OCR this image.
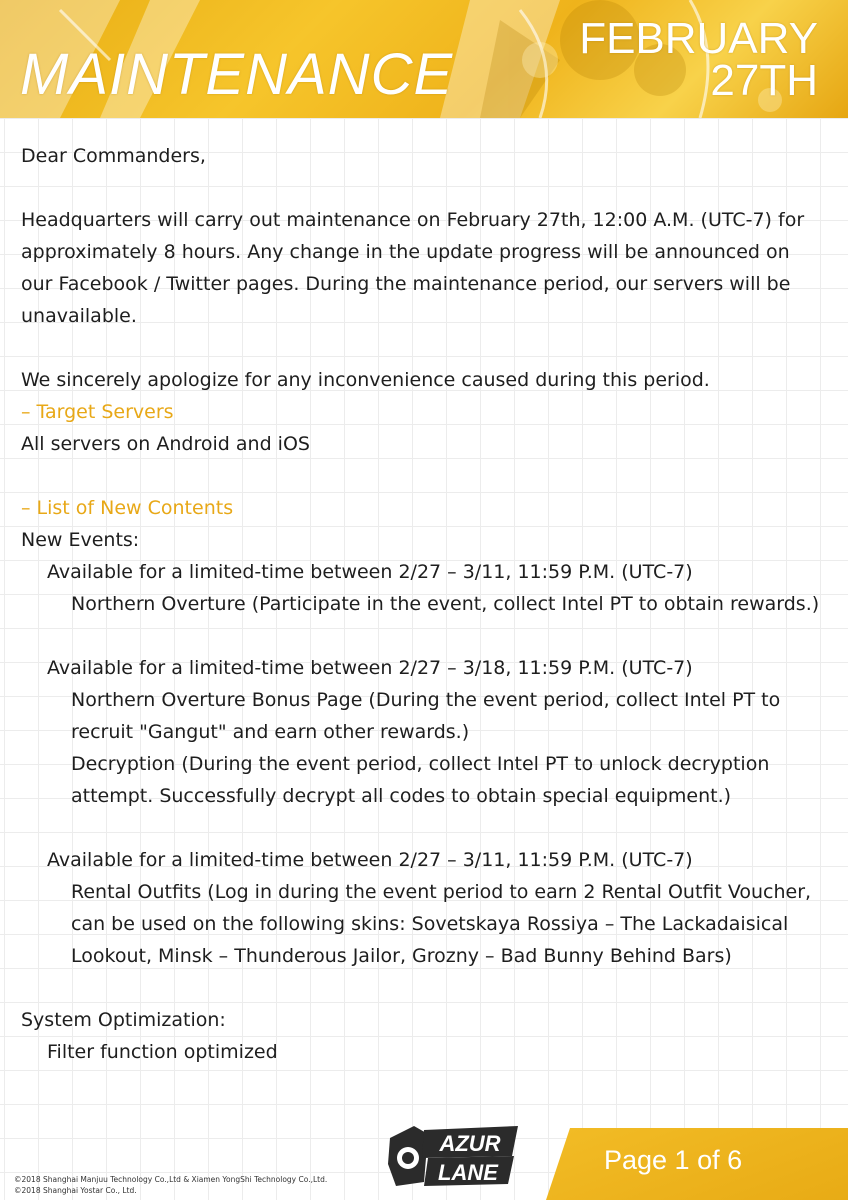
MAINTENANCE
FEBRUARY
27TH

Dear Commanders,

Headquarters will carry out maintenance on February 27th, 12:00 A.M. (UTC-7) for approximately 8 hours. Any change in the update progress will be announced on our Facebook / Twitter pages. During the maintenance period, our servers will be unavailable.

We sincerely apologize for any inconvenience caused during this period.

– Target Servers

All servers on Android and iOS

– List of New Contents

New Events:

Available for a limited-time between 2/27 – 3/11, 11:59 P.M. (UTC-7)

Northern Overture (Participate in the event, collect Intel PT to obtain rewards.)

Available for a limited-time between 2/27 – 3/18, 11:59 P.M. (UTC-7)

Northern Overture Bonus Page (During the event period, collect Intel PT to recruit "Gangut" and earn other rewards.)

Decryption (During the event period, collect Intel PT to unlock decryption attempt. Successfully decrypt all codes to obtain special equipment.)

Available for a limited-time between 2/27 – 3/11, 11:59 P.M. (UTC-7)

Rental Outfits (Log in during the event period to earn 2 Rental Outfit Voucher, can be used on the following skins: Sovetskaya Rossiya – The Lackadaisical Lookout, Minsk – Thunderous Jailor, Grozny – Bad Bunny Behind Bars)

System Optimization:

Filter function optimized

Page 1 of 6
AZUR
LANE
©2018 Shanghai Manjuu Technology Co.,Ltd & Xiamen YongShi Technology Co.,Ltd.
©2018 Shanghai Yostar Co., Ltd.
